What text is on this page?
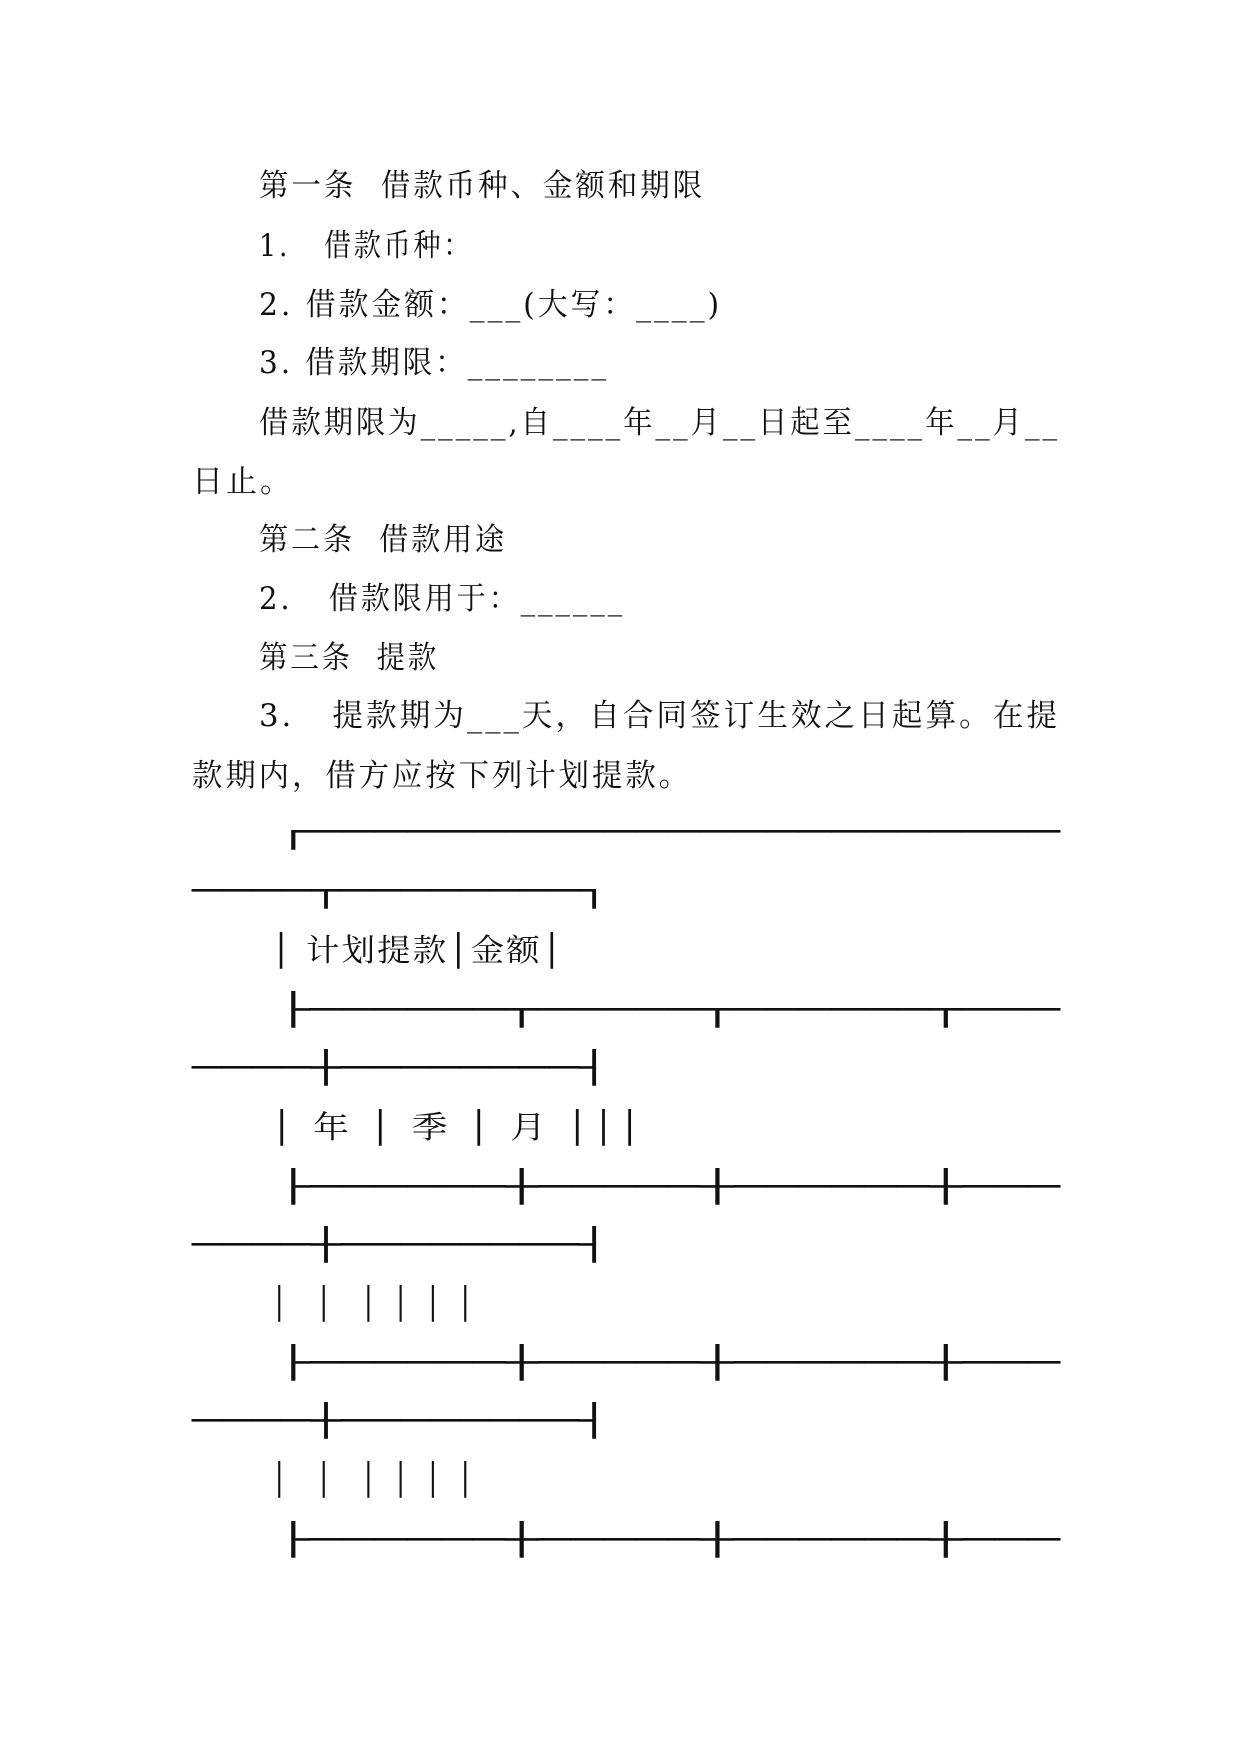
第一条  借款币种、金额和期限
1.   借款币种：
2. 借款金额：___(大写：____)
3. 借款期限：________
借款期限为_____,自____年__月__日起至____年__月__
日止。
第二条  借款用途
2.   借款限用于：______
第三条  提款
3.   提款期为___天，自合同签订生效之日起算。在提
款期内，借方应按下列计划提款。
┌───────────────────────
────┬────────┐
│ 计划提款│金额│
├──────┬─────┬──────┬───
────┼────────┤
│ 年 │ 季 │ 月 │││
├──────┼─────┼──────┼───
────┼────────┤
│  │  │ │ │ │
├──────┼─────┼──────┼───
────┼────────┤
│  │  │ │ │ │
├──────┼─────┼──────┼───
